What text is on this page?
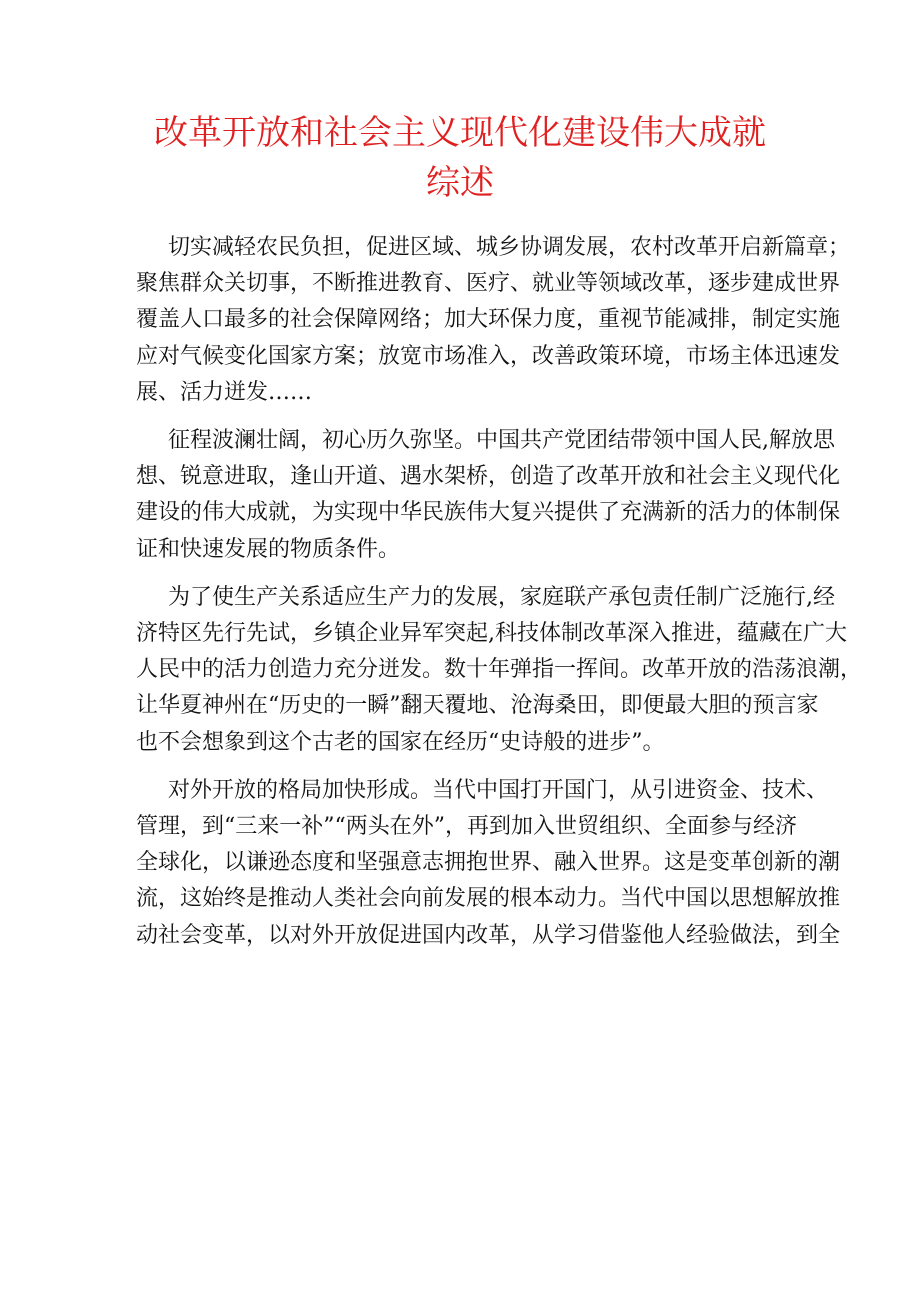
改革开放和社会主义现代化建设伟大成就
综述
切实减轻农民负担，促进区域、城乡协调发展，农村改革开启新篇章；
聚焦群众关切事，不断推进教育、医疗、就业等领域改革，逐步建成世界
覆盖人口最多的社会保障网络；加大环保力度，重视节能减排，制定实施
应对气候变化国家方案；放宽市场准入，改善政策环境，市场主体迅速发
展、活力迸发……
征程波澜壮阔，初心历久弥坚。中国共产党团结带领中国人民,解放思
想、锐意进取，逢山开道、遇水架桥，创造了改革开放和社会主义现代化
建设的伟大成就，为实现中华民族伟大复兴提供了充满新的活力的体制保
证和快速发展的物质条件。
为了使生产关系适应生产力的发展，家庭联产承包责任制广泛施行,经
济特区先行先试，乡镇企业异军突起,科技体制改革深入推进，蕴藏在广大
人民中的活力创造力充分迸发。数十年弹指一挥间。改革开放的浩荡浪潮，
让华夏神州在“历史的一瞬”翻天覆地、沧海桑田，即便最大胆的预言家
也不会想象到这个古老的国家在经历“史诗般的进步”。
对外开放的格局加快形成。当代中国打开国门，从引进资金、技术、
管理，到“三来一补”“两头在外”，再到加入世贸组织、全面参与经济
全球化，以谦逊态度和坚强意志拥抱世界、融入世界。这是变革创新的潮
流，这始终是推动人类社会向前发展的根本动力。当代中国以思想解放推
动社会变革，以对外开放促进国内改革，从学习借鉴他人经验做法，到全
